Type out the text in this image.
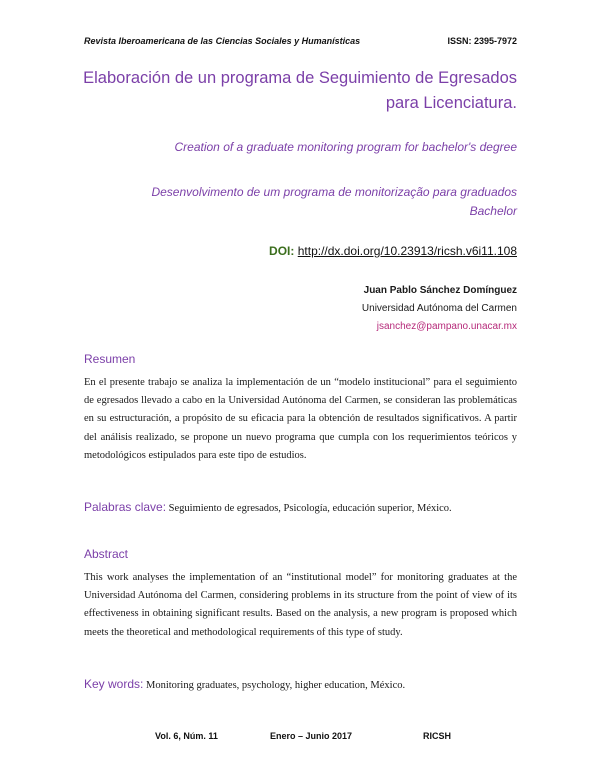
Revista Iberoamericana de las Ciencias Sociales y Humanísticas	ISSN: 2395-7972
Elaboración de un programa de Seguimiento de Egresados
para Licenciatura.
Creation of a graduate monitoring program for bachelor's degree
Desenvolvimento de um programa de monitorização para graduados
Bachelor
DOI: http://dx.doi.org/10.23913/ricsh.v6i11.108
Juan Pablo Sánchez Domínguez
Universidad Autónoma del Carmen
jsanchez@pampano.unacar.mx
Resumen
En el presente trabajo se analiza la implementación de un “modelo institucional” para el seguimiento de egresados llevado a cabo en la Universidad Autónoma del Carmen, se consideran las problemáticas en su estructuración, a propósito de su eficacia para la obtención de resultados significativos. A partir del análisis realizado, se propone un nuevo programa que cumpla con los requerimientos teóricos y metodológicos estipulados para este tipo de estudios.
Palabras clave: Seguimiento de egresados, Psicología, educación superior, México.
Abstract
This work analyses the implementation of an “institutional model” for monitoring graduates at the Universidad Autónoma del Carmen, considering problems in its structure from the point of view of its effectiveness in obtaining significant results. Based on the analysis, a new program is proposed which meets the theoretical and methodological requirements of this type of study.
Key words: Monitoring graduates, psychology, higher education, México.
Vol. 6, Núm. 11	Enero – Junio 2017	RICSH
